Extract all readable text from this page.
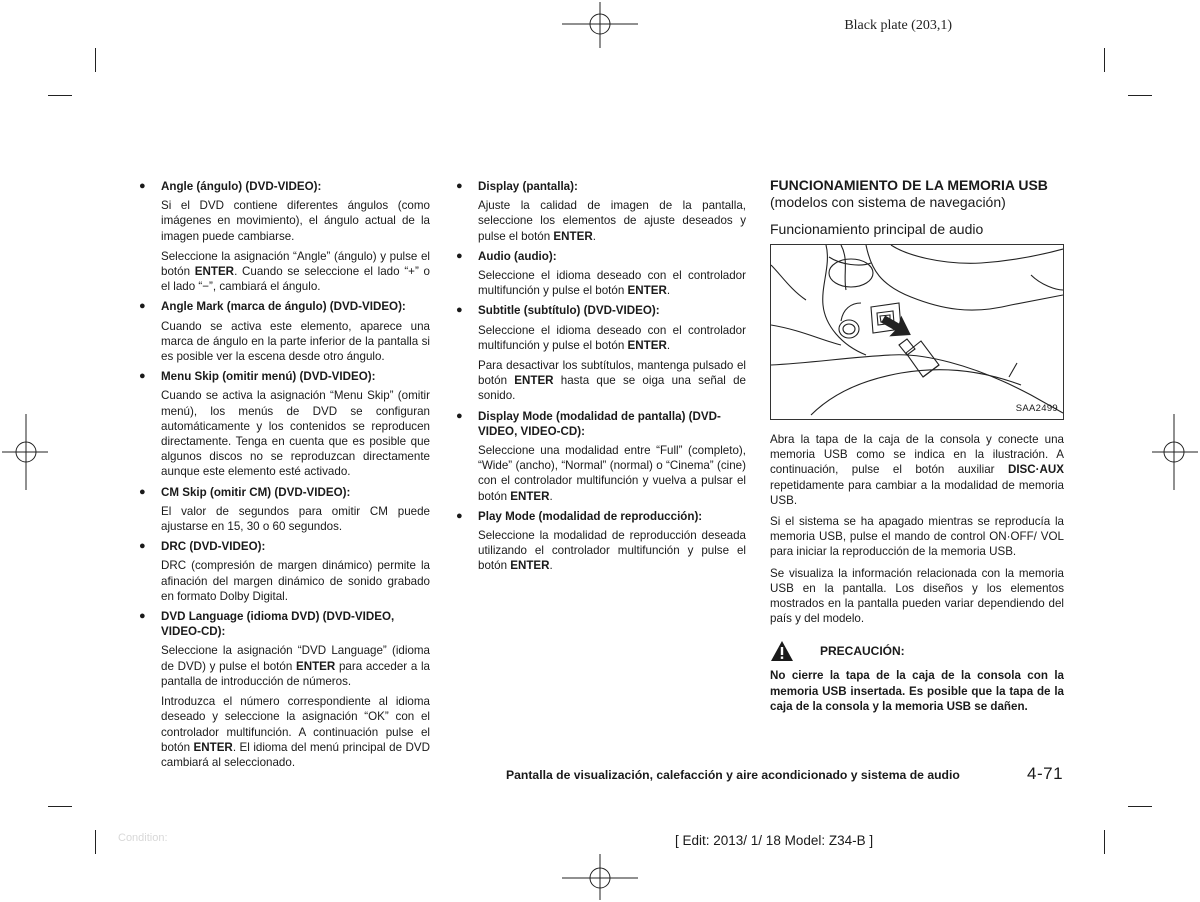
Black plate (203,1)
● Angle (ángulo) (DVD-VIDEO):

Si el DVD contiene diferentes ángulos (como imágenes en movimiento), el ángulo actual de la imagen puede cambiarse.

Seleccione la asignación “Angle” (ángulo) y pulse el botón ENTER. Cuando se seleccione el lado “+” o el lado “−”, cambiará el ángulo.

● Angle Mark (marca de ángulo) (DVD-VIDEO):

Cuando se activa este elemento, aparece una marca de ángulo en la parte inferior de la pantalla si es posible ver la escena desde otro ángulo.

● Menu Skip (omitir menú) (DVD-VIDEO):

Cuando se activa la asignación “Menu Skip” (omitir menú), los menús de DVD se configuran automáticamente y los contenidos se reproducen directamente. Tenga en cuenta que es posible que algunos discos no se reproduzcan directamente aunque este elemento esté activado.

● CM Skip (omitir CM) (DVD-VIDEO):

El valor de segundos para omitir CM puede ajustarse en 15, 30 o 60 segundos.

● DRC (DVD-VIDEO):

DRC (compresión de margen dinámico) permite la afinación del margen dinámico de sonido grabado en formato Dolby Digital.

● DVD Language (idioma DVD) (DVD-VIDEO, VIDEO-CD):

Seleccione la asignación “DVD Language” (idioma de DVD) y pulse el botón ENTER para acceder a la pantalla de introducción de números.

Introduzca el número correspondiente al idioma deseado y seleccione la asignación “OK” con el controlador multifunción. A continuación pulse el botón ENTER. El idioma del menú principal de DVD cambiará al seleccionado.

● Display (pantalla):

Ajuste la calidad de imagen de la pantalla, seleccione los elementos de ajuste deseados y pulse el botón ENTER.

● Audio (audio):

Seleccione el idioma deseado con el controlador multifunción y pulse el botón ENTER.

● Subtitle (subtítulo) (DVD-VIDEO):

Seleccione el idioma deseado con el controlador multifunción y pulse el botón ENTER.

Para desactivar los subtítulos, mantenga pulsado el botón ENTER hasta que se oiga una señal de sonido.

● Display Mode (modalidad de pantalla) (DVD-VIDEO, VIDEO-CD):

Seleccione una modalidad entre “Full” (completo), “Wide” (ancho), “Normal” (normal) o “Cinema” (cine) con el controlador multifunción y vuelva a pulsar el botón ENTER.

● Play Mode (modalidad de reproducción):

Seleccione la modalidad de reproducción deseada utilizando el controlador multifunción y pulse el botón ENTER.

FUNCIONAMIENTO DE LA MEMORIA USB
(modelos con sistema de navegación)
Funcionamiento principal de audio
SAA2499

Abra la tapa de la caja de la consola y conecte una memoria USB como se indica en la ilustración. A continuación, pulse el botón auxiliar DISC·AUX repetidamente para cambiar a la modalidad de memoria USB.

Si el sistema se ha apagado mientras se reproducía la memoria USB, pulse el mando de control ON·OFF/ VOL para iniciar la reproducción de la memoria USB.

Se visualiza la información relacionada con la memoria USB en la pantalla. Los diseños y los elementos mostrados en la pantalla pueden variar dependiendo del país y del modelo.

PRECAUCIÓN:

No cierre la tapa de la caja de la consola con la memoria USB insertada. Es posible que la tapa de la caja de la consola y la memoria USB se dañen.

Pantalla de visualización, calefacción y aire acondicionado y sistema de audio	4-71
[ Edit: 2013/ 1/ 18 Model: Z34-B ]
Condition:
